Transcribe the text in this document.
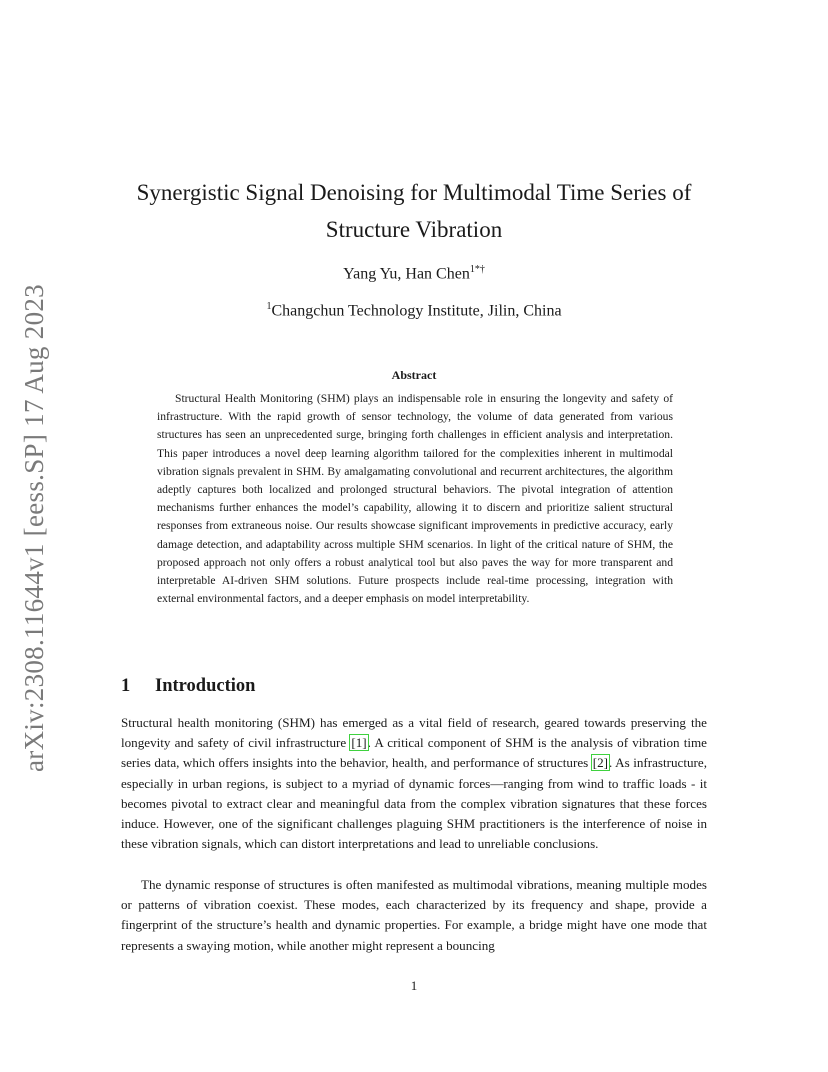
arXiv:2308.11644v1 [eess.SP] 17 Aug 2023
Synergistic Signal Denoising for Multimodal Time Series of
Structure Vibration
Yang Yu, Han Chen$^{1*\dagger}$
$^1$Changchun Technology Institute, Jilin, China
Abstract

Structural Health Monitoring (SHM) plays an indispensable role in ensuring the longevity and safety of infrastructure. With the rapid growth of sensor technology, the volume of data generated from various structures has seen an unprecedented surge, bringing forth challenges in efficient analysis and interpretation. This paper introduces a novel deep learning algorithm tailored for the complexities inherent in multimodal vibration signals prevalent in SHM. By amalgamating convolutional and recurrent architectures, the algorithm adeptly captures both localized and prolonged structural behaviors. The pivotal integration of attention mechanisms further enhances the model’s capability, allowing it to discern and prioritize salient structural responses from extraneous noise. Our results showcase significant improvements in predictive accuracy, early damage detection, and adaptability across multiple SHM scenarios. In light of the critical nature of SHM, the proposed approach not only offers a robust analytical tool but also paves the way for more transparent and interpretable AI-driven SHM solutions. Future prospects include real-time processing, integration with external environmental factors, and a deeper emphasis on model interpretability.

1 Introduction

Structural health monitoring (SHM) has emerged as a vital field of research, geared towards preserving the longevity and safety of civil infrastructure [1]. A critical component of SHM is the analysis of vibration time series data, which offers insights into the behavior, health, and performance of structures [2]. As infrastructure, especially in urban regions, is subject to a myriad of dynamic forces—ranging from wind to traffic loads - it becomes pivotal to extract clear and meaningful data from the complex vibration signatures that these forces induce. However, one of the significant challenges plaguing SHM practitioners is the interference of noise in these vibration signals, which can distort interpretations and lead to unreliable conclusions.

The dynamic response of structures is often manifested as multimodal vibrations, meaning multiple modes or patterns of vibration coexist. These modes, each characterized by its frequency and shape, provide a fingerprint of the structure’s health and dynamic properties. For example, a bridge might have one mode that represents a swaying motion, while another might represent a bouncing

1
